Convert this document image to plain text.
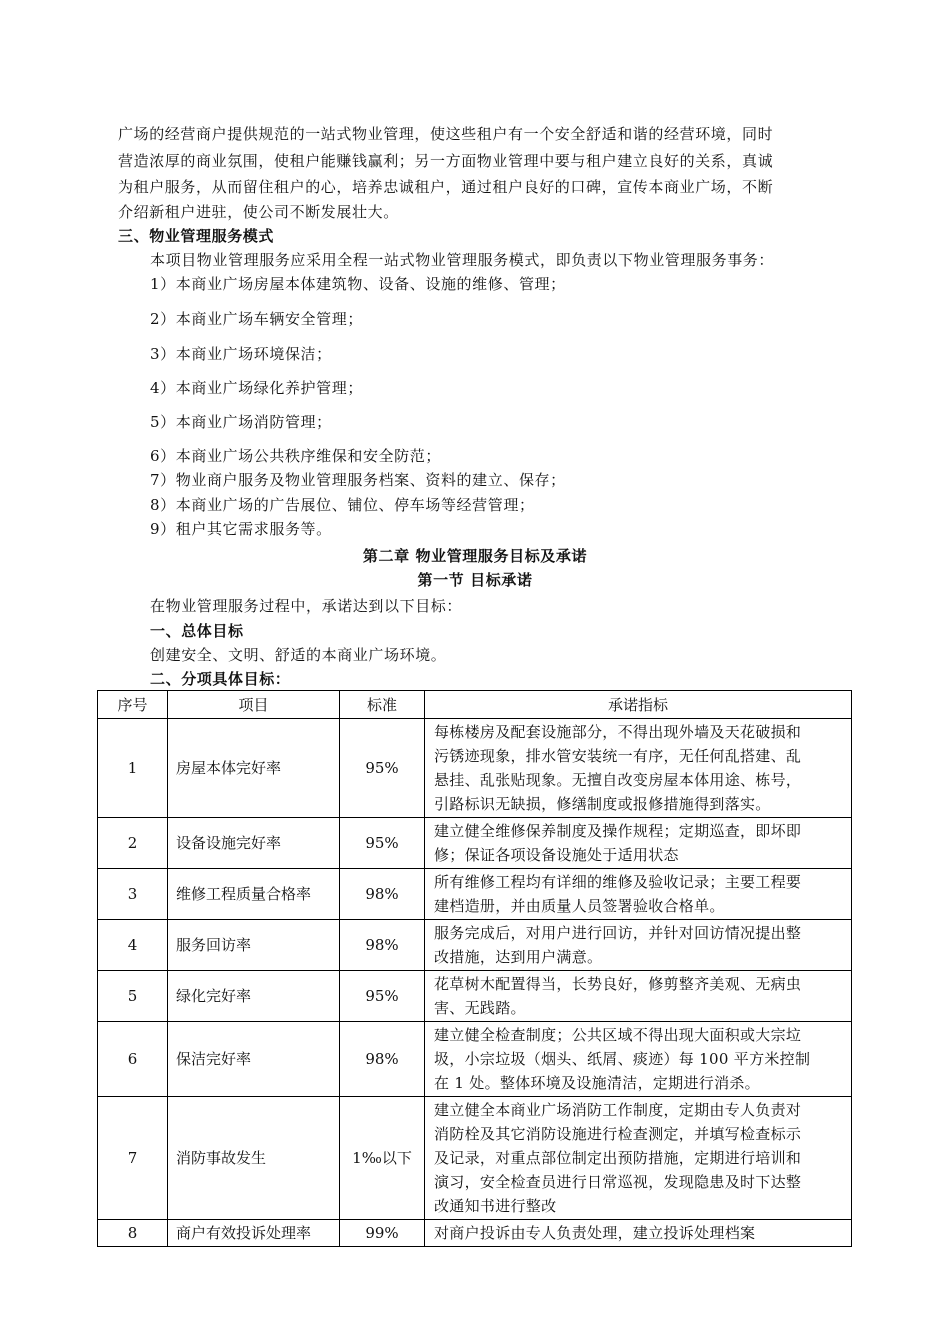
广场的经营商户提供规范的一站式物业管理，使这些租户有一个安全舒适和谐的经营环境，同时
营造浓厚的商业氛围，使租户能赚钱赢利；另一方面物业管理中要与租户建立良好的关系，真诚
为租户服务，从而留住租户的心，培养忠诚租户，通过租户良好的口碑，宣传本商业广场，不断
介绍新租户进驻，使公司不断发展壮大。
三、物业管理服务模式
本项目物业管理服务应采用全程一站式物业管理服务模式，即负责以下物业管理服务事务：
1）本商业广场房屋本体建筑物、设备、设施的维修、管理；
2）本商业广场车辆安全管理；
3）本商业广场环境保洁；
4）本商业广场绿化养护管理；
5）本商业广场消防管理；
6）本商业广场公共秩序维保和安全防范；
7）物业商户服务及物业管理服务档案、资料的建立、保存；
8）本商业广场的广告展位、铺位、停车场等经营管理；
9）租户其它需求服务等。
第二章 物业管理服务目标及承诺
第一节 目标承诺
在物业管理服务过程中，承诺达到以下目标：
一、总体目标
创建安全、文明、舒适的本商业广场环境。
二、分项具体目标：
序号	项目	标准	承诺指标
1	房屋本体完好率	95%	每栋楼房及配套设施部分，不得出现外墙及天花破损和
污锈迹现象，排水管安装统一有序，无任何乱搭建、乱
悬挂、乱张贴现象。无擅自改变房屋本体用途、栋号，
引路标识无缺损，修缮制度或报修措施得到落实。

2	设备设施完好率	95%	建立健全维修保养制度及操作规程；定期巡查，即坏即
修；保证各项设备设施处于适用状态

3	维修工程质量合格率	98%	所有维修工程均有详细的维修及验收记录；主要工程要
建档造册，并由质量人员签署验收合格单。

4	服务回访率	98%	服务完成后，对用户进行回访，并针对回访情况提出整
改措施，达到用户满意。

5	绿化完好率	95%	花草树木配置得当，长势良好，修剪整齐美观、无病虫
害、无践踏。

6	保洁完好率	98%	建立健全检查制度；公共区域不得出现大面积或大宗垃
圾，小宗垃圾（烟头、纸屑、痰迹）每 100 平方米控制
在 1 处。整体环境及设施清洁，定期进行消杀。

7	消防事故发生	1‰以下	建立健全本商业广场消防工作制度，定期由专人负责对
消防栓及其它消防设施进行检查测定，并填写检查标示
及记录，对重点部位制定出预防措施，定期进行培训和
演习，安全检查员进行日常巡视，发现隐患及时下达整
改通知书进行整改

8	商户有效投诉处理率	99%	对商户投诉由专人负责处理，建立投诉处理档案
